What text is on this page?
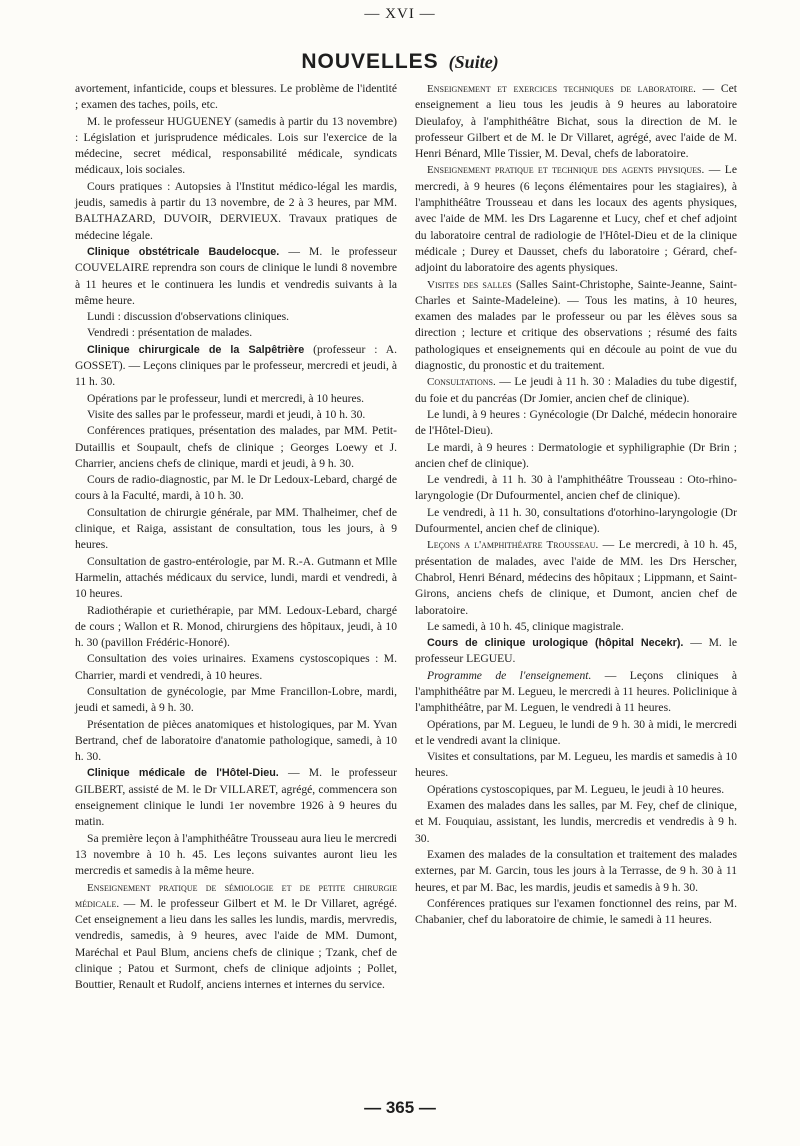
— XVI —
NOUVELLES (Suite)

avortement, infanticide, coups et blessures. Le problème de l'identité ; examen des taches, poils, etc.

M. le professeur HUGUENEY (samedis à partir du 13 novembre) : Législation et jurisprudence médicales. Lois sur l'exercice de la médecine, secret médical, responsabilité médicale, syndicats médicaux, lois sociales.

Cours pratiques : Autopsies à l'Institut médico-légal les mardis, jeudis, samedis à partir du 13 novembre, de 2 à 3 heures, par MM. BALTHAZARD, DUVOIR, DERVIEUX. Travaux pratiques de médecine légale.

Clinique obstétricale Baudelocque. — M. le professeur COUVELAIRE reprendra son cours de clinique le lundi 8 novembre à 11 heures et le continuera les lundis et vendredis suivants à la même heure.

Lundi : discussion d'observations cliniques.

Vendredi : présentation de malades.

Clinique chirurgicale de la Salpêtrière (professeur : A. GOSSET). — Leçons cliniques par le professeur, mercredi et jeudi, à 11 h. 30.

Opérations par le professeur, lundi et mercredi, à 10 heures.

Visite des salles par le professeur, mardi et jeudi, à 10 h. 30.

Conférences pratiques, présentation des malades, par MM. Petit-Dutaillis et Soupault, chefs de clinique ; Georges Loewy et J. Charrier, anciens chefs de clinique, mardi et jeudi, à 9 h. 30.

Cours de radio-diagnostic, par M. le Dr Ledoux-Lebard, chargé de cours à la Faculté, mardi, à 10 h. 30.

Consultation de chirurgie générale, par MM. Thalheimer, chef de clinique, et Raiga, assistant de consultation, tous les jours, à 9 heures.

Consultation de gastro-entérologie, par M. R.-A. Gutmann et Mlle Harmelin, attachés médicaux du service, lundi, mardi et vendredi, à 10 heures.

Radiothérapie et curiethérapie, par MM. Ledoux-Lebard, chargé de cours ; Wallon et R. Monod, chirurgiens des hôpitaux, jeudi, à 10 h. 30 (pavillon Frédéric-Honoré).

Consultation des voies urinaires. Examens cystoscopiques : M. Charrier, mardi et vendredi, à 10 heures.

Consultation de gynécologie, par Mme Francillon-Lobre, mardi, jeudi et samedi, à 9 h. 30.

Présentation de pièces anatomiques et histologiques, par M. Yvan Bertrand, chef de laboratoire d'anatomie pathologique, samedi, à 10 h. 30.

Clinique médicale de l'Hôtel-Dieu. — M. le professeur GILBERT, assisté de M. le Dr VILLARET, agrégé, commencera son enseignement clinique le lundi 1er novembre 1926 à 9 heures du matin.

Sa première leçon à l'amphithéâtre Trousseau aura lieu le mercredi 13 novembre à 10 h. 45. Les leçons suivantes auront lieu les mercredis et samedis à la même heure.

Enseignement pratique de sémiologie et de petite chirurgie médicale. — M. le professeur Gilbert et M. le Dr Villaret, agrégé. Cet enseignement a lieu dans les salles les lundis, mardis, mervredis, vendredis, samedis, à 9 heures, avec l'aide de MM. Dumont, Maréchal et Paul Blum, anciens chefs de clinique ; Tzank, chef de clinique ; Patou et Surmont, chefs de clinique adjoints ; Pollet, Bouttier, Renault et Rudolf, anciens internes et internes du service.

Enseignement et exercices techniques de laboratoire. — Cet enseignement a lieu tous les jeudis à 9 heures au laboratoire Dieulafoy, à l'amphithéâtre Bichat, sous la direction de M. le professeur Gilbert et de M. le Dr Villaret, agrégé, avec l'aide de M. Henri Bénard, Mlle Tissier, M. Deval, chefs de laboratoire.

Enseignement pratique et technique des agents physiques. — Le mercredi, à 9 heures (6 leçons élémentaires pour les stagiaires), à l'amphithéâtre Trousseau et dans les locaux des agents physiques, avec l'aide de MM. les Drs Lagarenne et Lucy, chef et chef adjoint du laboratoire central de radiologie de l'Hôtel-Dieu et de la clinique médicale ; Durey et Dausset, chefs du laboratoire ; Gérard, chef-adjoint du laboratoire des agents physiques.

Visites des salles (Salles Saint-Christophe, Sainte-Jeanne, Saint-Charles et Sainte-Madeleine). — Tous les matins, à 10 heures, examen des malades par le professeur ou par les élèves sous sa direction ; lecture et critique des observations ; résumé des faits pathologiques et enseignements qui en découle au point de vue du diagnostic, du pronostic et du traitement.

Consultations. — Le jeudi à 11 h. 30 : Maladies du tube digestif, du foie et du pancréas (Dr Jomier, ancien chef de clinique).

Le lundi, à 9 heures : Gynécologie (Dr Dalché, médecin honoraire de l'Hôtel-Dieu).

Le mardi, à 9 heures : Dermatologie et syphiligraphie (Dr Brin ; ancien chef de clinique).

Le vendredi, à 11 h. 30 à l'amphithéâtre Trousseau : Oto-rhino-laryngologie (Dr Dufourmentel, ancien chef de clinique).

Le vendredi, à 11 h. 30, consultations d'otorhino-laryngologie (Dr Dufourmentel, ancien chef de clinique).

Leçons a l'amphithéatre Trousseau. — Le mercredi, à 10 h. 45, présentation de malades, avec l'aide de MM. les Drs Herscher, Chabrol, Henri Bénard, médecins des hôpitaux ; Lippmann, et Saint-Girons, anciens chefs de clinique, et Dumont, ancien chef de laboratoire.

Le samedi, à 10 h. 45, clinique magistrale.

Cours de clinique urologique (hôpital Necekr). — M. le professeur LEGUEU.

Programme de l'enseignement. — Leçons cliniques à l'amphithéâtre par M. Legueu, le mercredi à 11 heures. Policlinique à l'amphithéâtre, par M. Leguen, le vendredi à 11 heures.

Opérations, par M. Legueu, le lundi de 9 h. 30 à midi, le mercredi et le vendredi avant la clinique.

Visites et consultations, par M. Legueu, les mardis et samedis à 10 heures.

Opérations cystoscopiques, par M. Legueu, le jeudi à 10 heures.

Examen des malades dans les salles, par M. Fey, chef de clinique, et M. Fouquiau, assistant, les lundis, mercredis et vendredis à 9 h. 30.

Examen des malades de la consultation et traitement des malades externes, par M. Garcin, tous les jours à la Terrasse, de 9 h. 30 à 11 heures, et par M. Bac, les mardis, jeudis et samedis à 9 h. 30.

Conférences pratiques sur l'examen fonctionnel des reins, par M. Chabanier, chef du laboratoire de chimie, le samedi à 11 heures.

— 365 —
